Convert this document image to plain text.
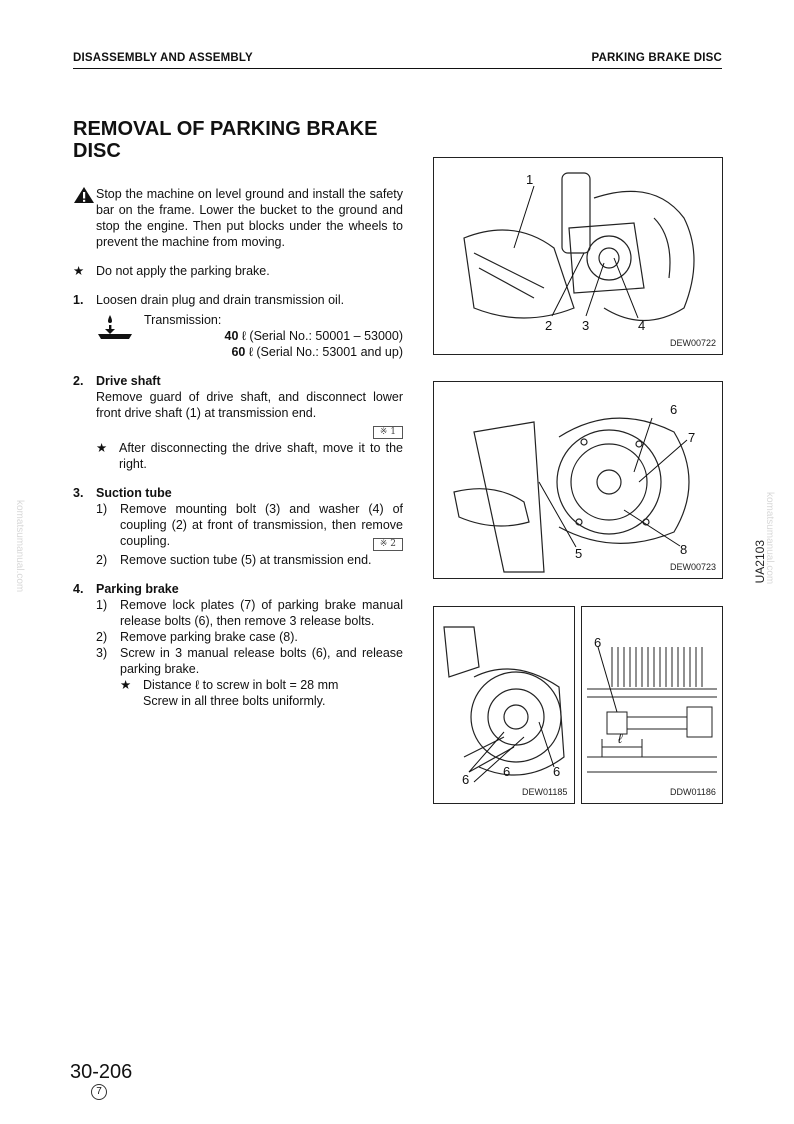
DISASSEMBLY AND ASSEMBLY	PARKING BRAKE DISC
REMOVAL OF PARKING BRAKE DISC
Stop the machine on level ground and install the safety bar on the frame. Lower the bucket to the ground and stop the engine. Then put blocks under the wheels to prevent the machine from moving.
★ Do not apply the parking brake.
1.	Loosen drain plug and drain transmission oil.
Transmission:
40 ℓ (Serial No.: 50001 – 53000)
60 ℓ (Serial No.: 53001 and up)
2.	Drive shaft
Remove guard of drive shaft, and disconnect lower front drive shaft (1) at transmission end.
※ 1
★ After disconnecting the drive shaft, move it to the right.
3.	Suction tube
1)	Remove mounting bolt (3) and washer (4) of coupling (2) at front of transmission, then remove coupling.	※ 2
2)	Remove suction tube (5) at transmission end.
4.	Parking brake
1)	Remove lock plates (7) of parking brake manual release bolts (6), then remove 3 release bolts.
2)	Remove parking brake case (8).
3)	Screw in 3 manual release bolts (6), and release parking brake.
★ Distance ℓ to screw in bolt = 28 mm
Screw in all three bolts uniformly.
1
2 3	4
DEW00722
6
7
5	8
DEW00723
6
6	6
DEW01185
6
ℓ
DDW01186
UA2103
komatsumanual.com	komatsumanual.com
30-206
7
